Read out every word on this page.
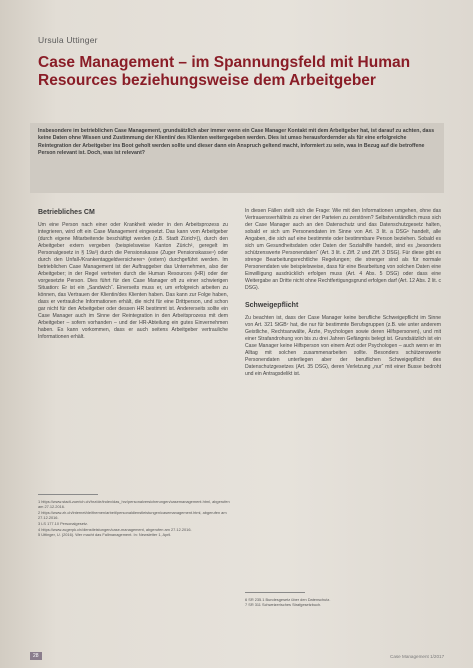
Ursula Uttinger
Case Management – im Spannungsfeld mit Human Resources beziehungsweise dem Arbeitgeber

Insbesondere im betrieblichen Case Management, grundsätzlich aber immer wenn ein Case Manager Kontakt mit dem Arbeitgeber hat, ist darauf zu achten, dass keine Daten ohne Wissen und Zustimmung der Klientin/ des Klienten weitergegeben werden. Dies ist umso herausfordernder als für eine erfolgreiche Reintegration der Arbeitgeber ins Boot geholt werden sollte und dieser dann ein Anspruch geltend macht, informiert zu sein, was in Bezug auf die betroffene Person relevant ist. Doch, was ist relevant?

Betriebliches CM

Um eine Person nach einer oder Krankheit wieder in den Arbeitsprozess zu integrieren, wird oft ein Case Management eingesetzt. Das kann vom Arbeitgeber (durch eigene Mitarbeitende beschäftigt werden (z.B. Stadt Zürich¹)), durch den Arbeitgeber extern vergeben (beispielsweise Kanton Zürich², geregelt im Personalgesetz in § 19a³) durch die Pensionskasse (Zuger Pensionskasse⁴) oder durch den Unfall-/Krankentaggeldversicherer⁵ (extern) durchgeführt werden. Im betrieblichen Case Management ist der Auftraggeber das Unternehmen, also der Arbeitgeber; in der Regel vertreten durch die Human Resources (HR) oder der vorgesetzte Person. Dies führt für den Case Manager oft zu einer schwierigen Situation: Er ist ein „Sandwich“. Einerseits muss er, um erfolgreich arbeiten zu können, das Vertrauen der Klientin/des Klienten haben. Das kann zur Folge haben, dass er vertrauliche Informationen erhält, die nicht für eine Drittperson, und schon gar nicht für den Arbeitgeber oder dessen HR bestimmt ist. Andererseits sollte ein Case Manager auch im Sinne der Reintegration in den Arbeitsprozess mit dem Arbeitgeber – sofern vorhanden – und der HR-Abteilung ein gutes Einvernehmen haben. Es kann vorkommen, dass er auch seitens Arbeitgeber vertrauliche Informationen erhält.

In diesen Fällen stellt sich die Frage: Wie mit den Informationen umgehen, ohne das Vertrauensverhältnis zu einer der Parteien zu zerstören? Selbstverständlich muss sich der Case Manager auch an den Datenschutz und das Datenschutzgesetz halten, sobald er sich um Personendaten im Sinne von Art. 3 lit. a DSG⁶ handelt, alle Angaben, die sich auf eine bestimmte oder bestimmbare Person beziehen. Sobald es sich um Gesundheitsdaten oder Daten der Sozialhilfe handelt, sind es „besonders schützenswerte Personendaten“ (Art. 3 lit. c Ziff. 2 und Ziff. 3 DSG). Für diese gibt es strenge Bearbeitungsrechtliche Regelungen; die strenger sind als für normale Personendaten wie beispielsweise, dass für eine Bearbeitung von solchen Daten eine Einwilligung ausdrücklich erfolgen muss (Art. 4 Abs. 5 DSG) oder dass eine Weitergabe an Dritte nicht ohne Rechtfertigungsgrund erfolgen darf (Art. 12 Abs. 2 lit. c DSG).

Schweigepflicht

Zu beachten ist, dass der Case Manager keine berufliche Schweigepflicht im Sinne von Art. 321 StGB⁷ hat, die nur für bestimmte Berufsgruppen (z.B. wie unter anderem Geistliche, Rechtsanwälte, Ärzte, Psychologen sowie deren Hilfspersonen), und mit einer Strafandrohung von bis zu drei Jahren Gefängnis belegt ist. Grundsätzlich ist ein Case Manager keine Hilfsperson von einem Arzt oder Psychologen – auch wenn er im Alltag mit solchen zusammenarbeiten sollte. Besonders schützenswerte Personendaten unterliegen aber der beruflichen Schweigepflicht des Datenschutzgesetzes (Art. 35 DSG), deren Verletzung „nur“ mit einer Busse bedroht und ein Antragsdelikt ist.

1 https://www.stadt-zuerich.ch/hrz/de/index/das_hrz/personalversicherungen/casemanagement.html, abgerufen am 27.12.2016.
2 https://www.zh.ch/internet/de/themen/arbeit/personaldienstleistungen/casemanagement.html, abgerufen am 27.12.2016.
3 LS 177.10 Personalgesetz.
4 https://www.zugerpk.ch/dienstleistungen/case-management, abgerufen am 27.12.2016.
5 Uttinger, U. (2016). Wer macht das Fallmanagement. In: Newsletter 1, April.
6 SR 235.1 Bundesgesetz über den Datenschutz.
7 SR 311 Schweizerisches Strafgesetzbuch.
28	Case Management 1/2017
